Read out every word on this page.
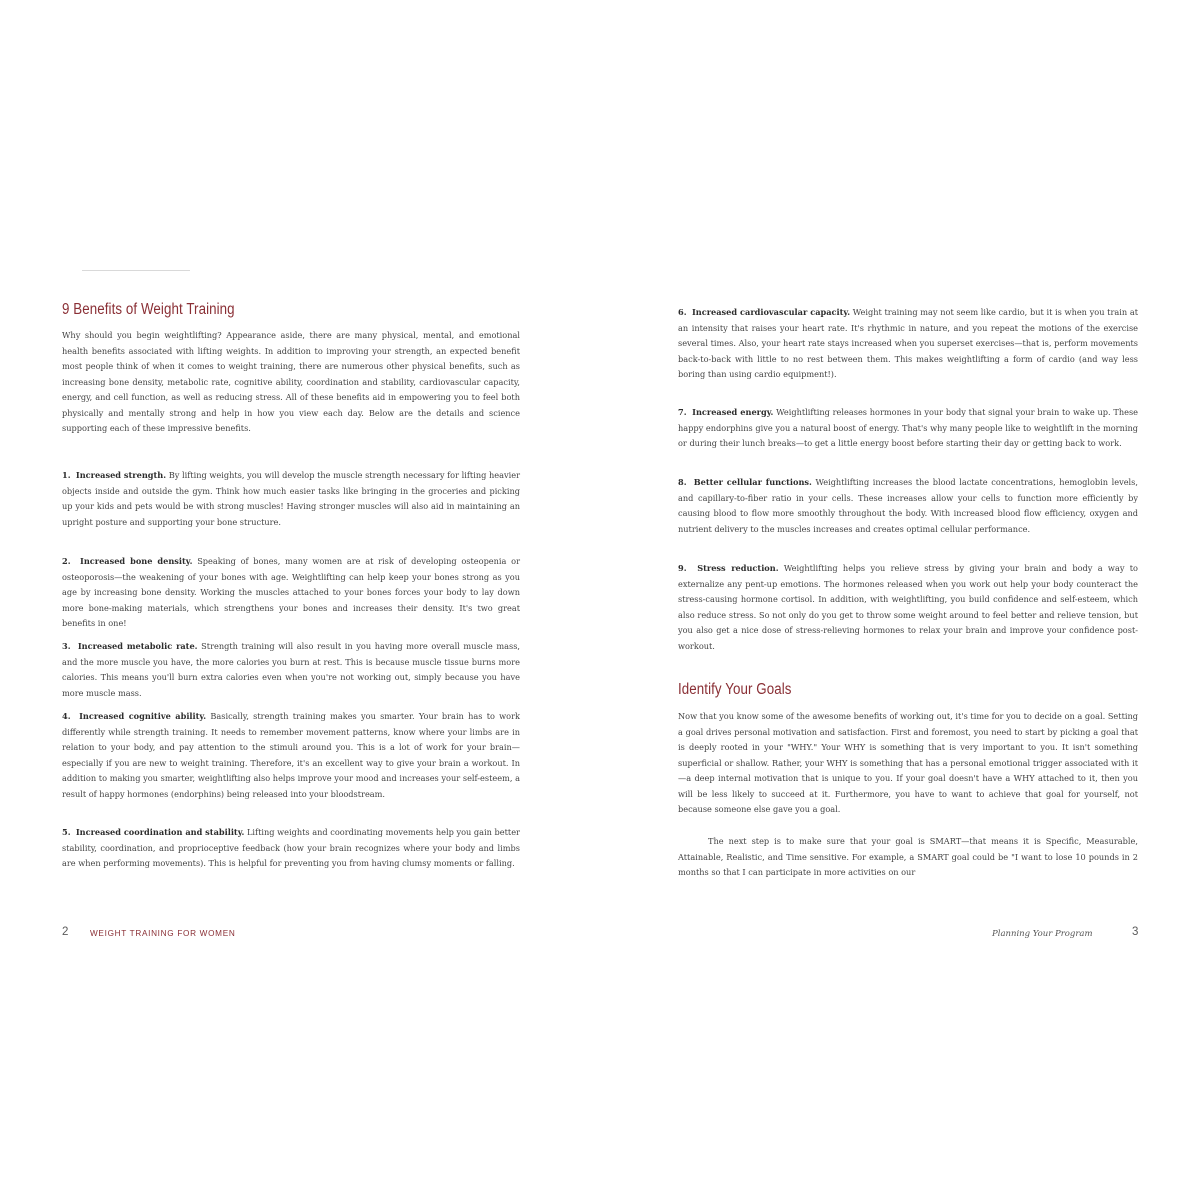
9 Benefits of Weight Training

Why should you begin weightlifting? Appearance aside, there are many physical, mental, and emotional health benefits associated with lifting weights. In addition to improving your strength, an expected benefit most people think of when it comes to weight training, there are numerous other physical benefits, such as increasing bone density, metabolic rate, cognitive ability, coordination and stability, cardiovascular capacity, energy, and cell function, as well as reducing stress. All of these benefits aid in empowering you to feel both physically and mentally strong and help in how you view each day. Below are the details and science supporting each of these impressive benefits.

1. Increased strength. By lifting weights, you will develop the muscle strength necessary for lifting heavier objects inside and outside the gym. Think how much easier tasks like bringing in the groceries and picking up your kids and pets would be with strong muscles! Having stronger muscles will also aid in maintaining an upright posture and supporting your bone structure.

2. Increased bone density. Speaking of bones, many women are at risk of developing osteopenia or osteoporosis—the weakening of your bones with age. Weightlifting can help keep your bones strong as you age by increasing bone density. Working the muscles attached to your bones forces your body to lay down more bone-making materials, which strengthens your bones and increases their density. It's two great benefits in one!

3. Increased metabolic rate. Strength training will also result in you having more overall muscle mass, and the more muscle you have, the more calories you burn at rest. This is because muscle tissue burns more calories. This means you'll burn extra calories even when you're not working out, simply because you have more muscle mass.

4. Increased cognitive ability. Basically, strength training makes you smarter. Your brain has to work differently while strength training. It needs to remember movement patterns, know where your limbs are in relation to your body, and pay attention to the stimuli around you. This is a lot of work for your brain—especially if you are new to weight training. Therefore, it's an excellent way to give your brain a workout. In addition to making you smarter, weightlifting also helps improve your mood and increases your self-esteem, a result of happy hormones (endorphins) being released into your bloodstream.

5. Increased coordination and stability. Lifting weights and coordinating movements help you gain better stability, coordination, and proprioceptive feedback (how your brain recognizes where your body and limbs are when performing movements). This is helpful for preventing you from having clumsy moments or falling.

6. Increased cardiovascular capacity. Weight training may not seem like cardio, but it is when you train at an intensity that raises your heart rate. It's rhythmic in nature, and you repeat the motions of the exercise several times. Also, your heart rate stays increased when you superset exercises—that is, perform movements back-to-back with little to no rest between them. This makes weightlifting a form of cardio (and way less boring than using cardio equipment!).

7. Increased energy. Weightlifting releases hormones in your body that signal your brain to wake up. These happy endorphins give you a natural boost of energy. That's why many people like to weightlift in the morning or during their lunch breaks—to get a little energy boost before starting their day or getting back to work.

8. Better cellular functions. Weightlifting increases the blood lactate concentrations, hemoglobin levels, and capillary-to-fiber ratio in your cells. These increases allow your cells to function more efficiently by causing blood to flow more smoothly throughout the body. With increased blood flow efficiency, oxygen and nutrient delivery to the muscles increases and creates optimal cellular performance.

9. Stress reduction. Weightlifting helps you relieve stress by giving your brain and body a way to externalize any pent-up emotions. The hormones released when you work out help your body counteract the stress-causing hormone cortisol. In addition, with weightlifting, you build confidence and self-esteem, which also reduce stress. So not only do you get to throw some weight around to feel better and relieve tension, but you also get a nice dose of stress-relieving hormones to relax your brain and improve your confidence post-workout.

Identify Your Goals

Now that you know some of the awesome benefits of working out, it's time for you to decide on a goal. Setting a goal drives personal motivation and satisfaction. First and foremost, you need to start by picking a goal that is deeply rooted in your "WHY." Your WHY is something that is very important to you. It isn't something superficial or shallow. Rather, your WHY is something that has a personal emotional trigger associated with it—a deep internal motivation that is unique to you. If your goal doesn't have a WHY attached to it, then you will be less likely to succeed at it. Furthermore, you have to want to achieve that goal for yourself, not because someone else gave you a goal.

The next step is to make sure that your goal is SMART—that means it is Specific, Measurable, Attainable, Realistic, and Time sensitive. For example, a SMART goal could be "I want to lose 10 pounds in 2 months so that I can participate in more activities on our

2	WEIGHT TRAINING FOR WOMEN	Planning Your Program	3
